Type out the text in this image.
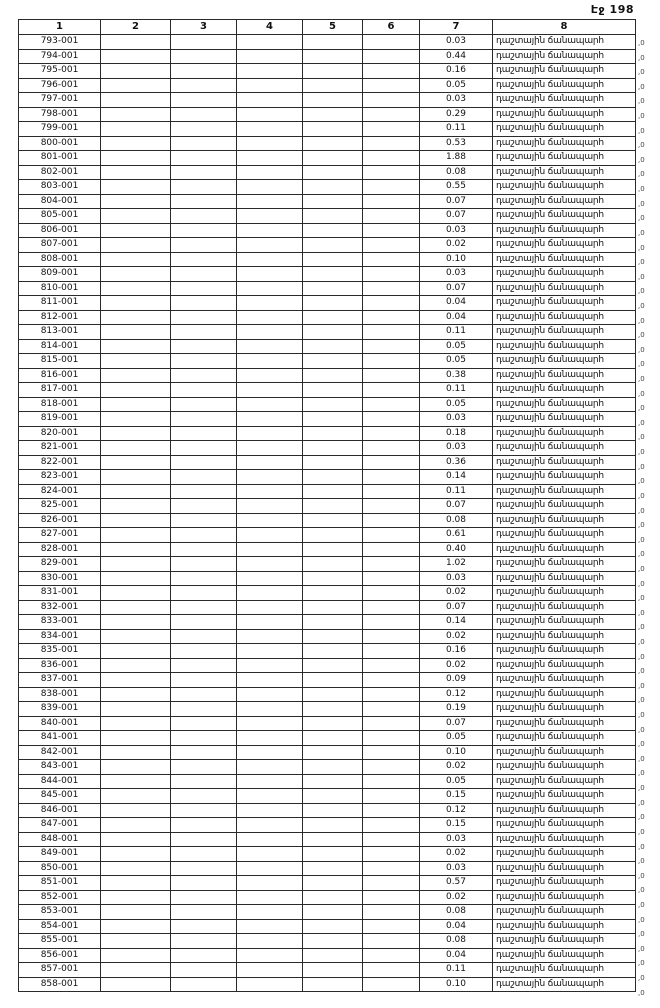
Էջ 198
1	2	3	4	5	6	7	8
793-001						0.03	դաշտային ճանապարհ
794-001						0.44	դաշտային ճանապարհ
795-001						0.16	դաշտային ճանապարհ
796-001						0.05	դաշտային ճանապարհ
797-001						0.03	դաշտային ճանապարհ
798-001						0.29	դաշտային ճանապարհ
799-001						0.11	դաշտային ճանապարհ
800-001						0.53	դաշտային ճանապարհ
801-001						1.88	դաշտային ճանապարհ
802-001						0.08	դաշտային ճանապարհ
803-001						0.55	դաշտային ճանապարհ
804-001						0.07	դաշտային ճանապարհ
805-001						0.07	դաշտային ճանապարհ
806-001						0.03	դաշտային ճանապարհ
807-001						0.02	դաշտային ճանապարհ
808-001						0.10	դաշտային ճանապարհ
809-001						0.03	դաշտային ճանապարհ
810-001						0.07	դաշտային ճանապարհ
811-001						0.04	դաշտային ճանապարհ
812-001						0.04	դաշտային ճանապարհ
813-001						0.11	դաշտային ճանապարհ
814-001						0.05	դաշտային ճանապարհ
815-001						0.05	դաշտային ճանապարհ
816-001						0.38	դաշտային ճանապարհ
817-001						0.11	դաշտային ճանապարհ
818-001						0.05	դաշտային ճանապարհ
819-001						0.03	դաշտային ճանապարհ
820-001						0.18	դաշտային ճանապարհ
821-001						0.03	դաշտային ճանապարհ
822-001						0.36	դաշտային ճանապարհ
823-001						0.14	դաշտային ճանապարհ
824-001						0.11	դաշտային ճանապարհ
825-001						0.07	դաշտային ճանապարհ
826-001						0.08	դաշտային ճանապարհ
827-001						0.61	դաշտային ճանապարհ
828-001						0.40	դաշտային ճանապարհ
829-001						1.02	դաշտային ճանապարհ
830-001						0.03	դաշտային ճանապարհ
831-001						0.02	դաշտային ճանապարհ
832-001						0.07	դաշտային ճանապարհ
833-001						0.14	դաշտային ճանապարհ
834-001						0.02	դաշտային ճանապարհ
835-001						0.16	դաշտային ճանապարհ
836-001						0.02	դաշտային ճանապարհ
837-001						0.09	դաշտային ճանապարհ
838-001						0.12	դաշտային ճանապարհ
839-001						0.19	դաշտային ճանապարհ
840-001						0.07	դաշտային ճանապարհ
841-001						0.05	դաշտային ճանապարհ
842-001						0.10	դաշտային ճանապարհ
843-001						0.02	դաշտային ճանապարհ
844-001						0.05	դաշտային ճանապարհ
845-001						0.15	դաշտային ճանապարհ
846-001						0.12	դաշտային ճանապարհ
847-001						0.15	դաշտային ճանապարհ
848-001						0.03	դաշտային ճանապարհ
849-001						0.02	դաշտային ճանապարհ
850-001						0.03	դաշտային ճանապարհ
851-001						0.57	դաշտային ճանապարհ
852-001						0.02	դաշտային ճանապարհ
853-001						0.08	դաշտային ճանապարհ
854-001						0.04	դաշտային ճանապարհ
855-001						0.08	դաշտային ճանապարհ
856-001						0.04	դաշտային ճանապարհ
857-001						0.11	դաշտային ճանապարհ
858-001						0.10	դաշտային ճանապարհ
,0
,0
,0
,0
,0
,0
,0
,0
,0
,0
,0
,0
,0
,0
,0
,0
,0
,0
,0
,0
,0
,0
,0
,0
,0
,0
,0
,0
,0
,0
,0
,0
,0
,0
,0
,0
,0
,0
,0
,0
,0
,0
,0
,0
,0
,0
,0
,0
,0
,0
,0
,0
,0
,0
,0
,0
,0
,0
,0
,0
,0
,0
,0
,0
,0
,0
